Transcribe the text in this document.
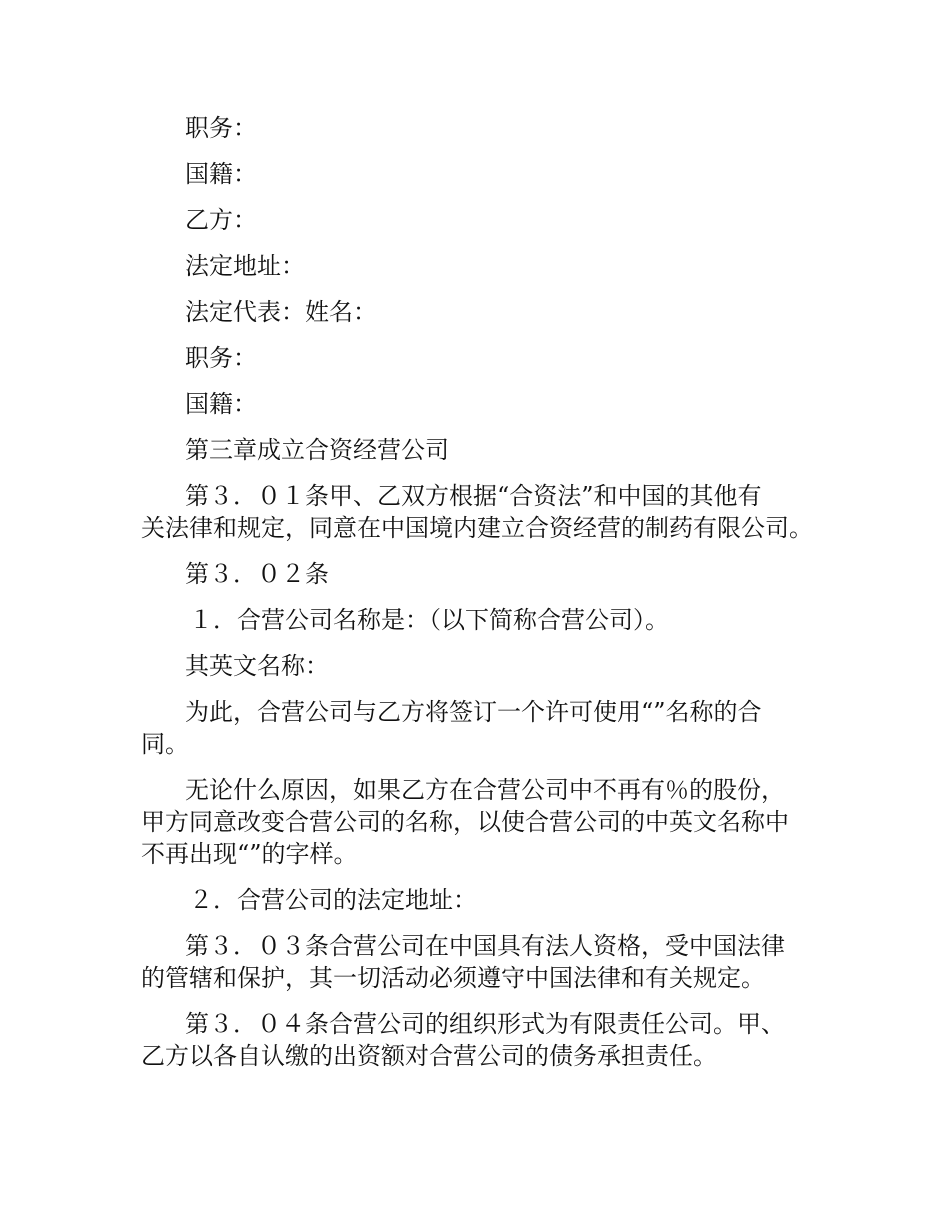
职务：

国籍：

乙方：

法定地址：

法定代表：姓名：

职务：

国籍：

第三章成立合资经营公司

第３．０１条甲、乙双方根据“合资法”和中国的其他有

关法律和规定，同意在中国境内建立合资经营的制药有限公司。

第３．０２条

１．合营公司名称是：（以下简称合营公司）。

其英文名称：

为此，合营公司与乙方将签订一个许可使用“”名称的合

同。

无论什么原因，如果乙方在合营公司中不再有％的股份，

甲方同意改变合营公司的名称，以使合营公司的中英文名称中

不再出现“”的字样。

２．合营公司的法定地址：

第３．０３条合营公司在中国具有法人资格，受中国法律

的管辖和保护，其一切活动必须遵守中国法律和有关规定。

第３．０４条合营公司的组织形式为有限责任公司。甲、

乙方以各自认缴的出资额对合营公司的债务承担责任。
